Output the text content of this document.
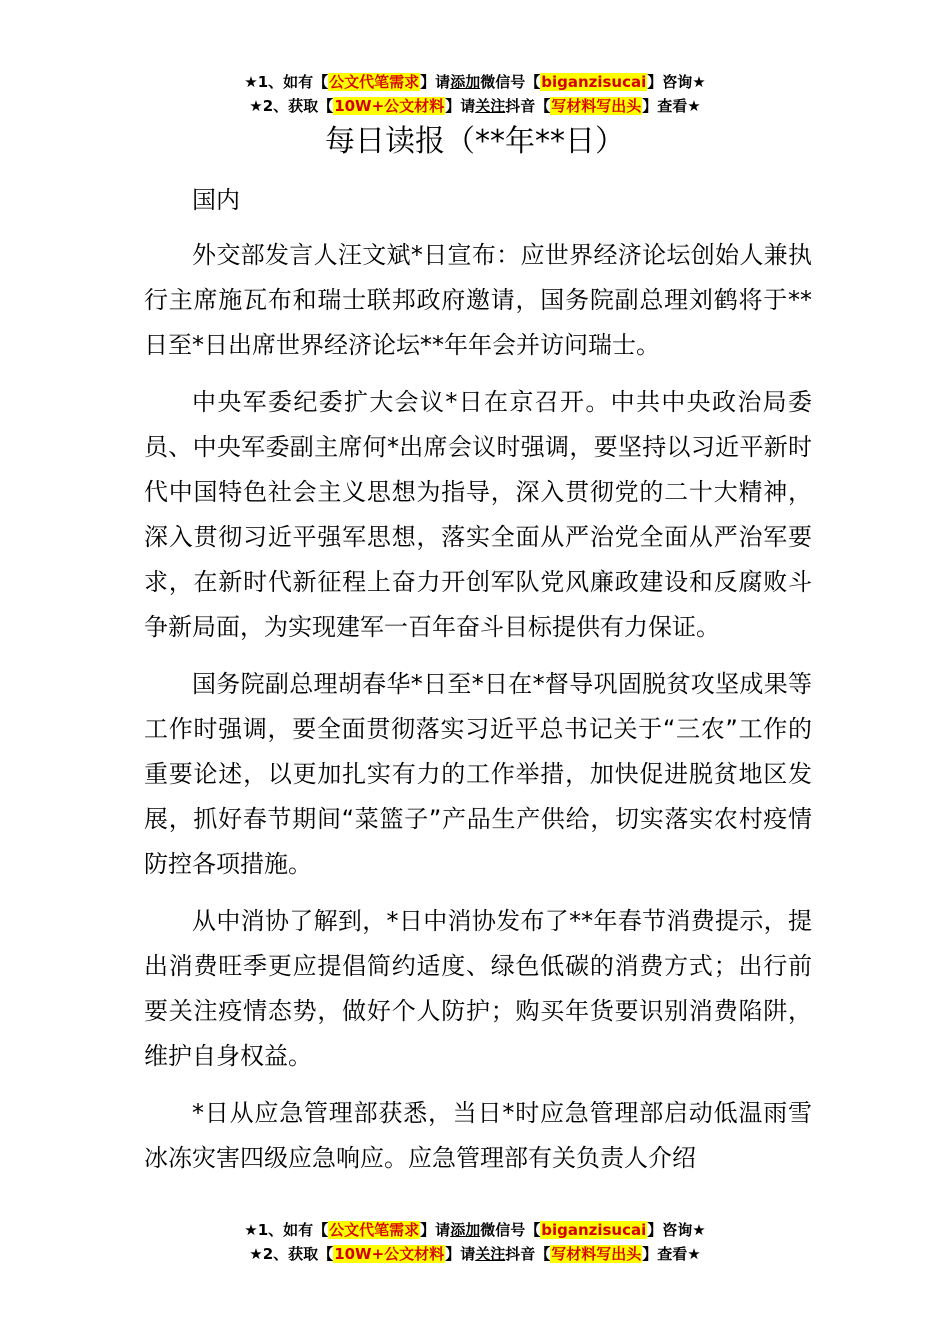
★1、如有【公文代笔需求】请添加微信号【biganzisucai】咨询★
★2、获取【10W+公文材料】请关注抖音【写材料写出头】查看★
每日读报（**年**日）

国内

外交部发言人汪文斌*日宣布：应世界经济论坛创始人兼执行主席施瓦布和瑞士联邦政府邀请，国务院副总理刘鹤将于**日至*日出席世界经济论坛**年年会并访问瑞士。

中央军委纪委扩大会议*日在京召开。中共中央政治局委员、中央军委副主席何*出席会议时强调，要坚持以习近平新时代中国特色社会主义思想为指导，深入贯彻党的二十大精神，深入贯彻习近平强军思想，落实全面从严治党全面从严治军要求，在新时代新征程上奋力开创军队党风廉政建设和反腐败斗争新局面，为实现建军一百年奋斗目标提供有力保证。

国务院副总理胡春华*日至*日在*督导巩固脱贫攻坚成果等工作时强调，要全面贯彻落实习近平总书记关于“三农”工作的重要论述，以更加扎实有力的工作举措，加快促进脱贫地区发展，抓好春节期间“菜篮子”产品生产供给，切实落实农村疫情防控各项措施。

从中消协了解到，*日中消协发布了**年春节消费提示，提出消费旺季更应提倡简约适度、绿色低碳的消费方式；出行前要关注疫情态势，做好个人防护；购买年货要识别消费陷阱，维护自身权益。

*日从应急管理部获悉，当日*时应急管理部启动低温雨雪冰冻灾害四级应急响应。应急管理部有关负责人介绍

★1、如有【公文代笔需求】请添加微信号【biganzisucai】咨询★
★2、获取【10W+公文材料】请关注抖音【写材料写出头】查看★
